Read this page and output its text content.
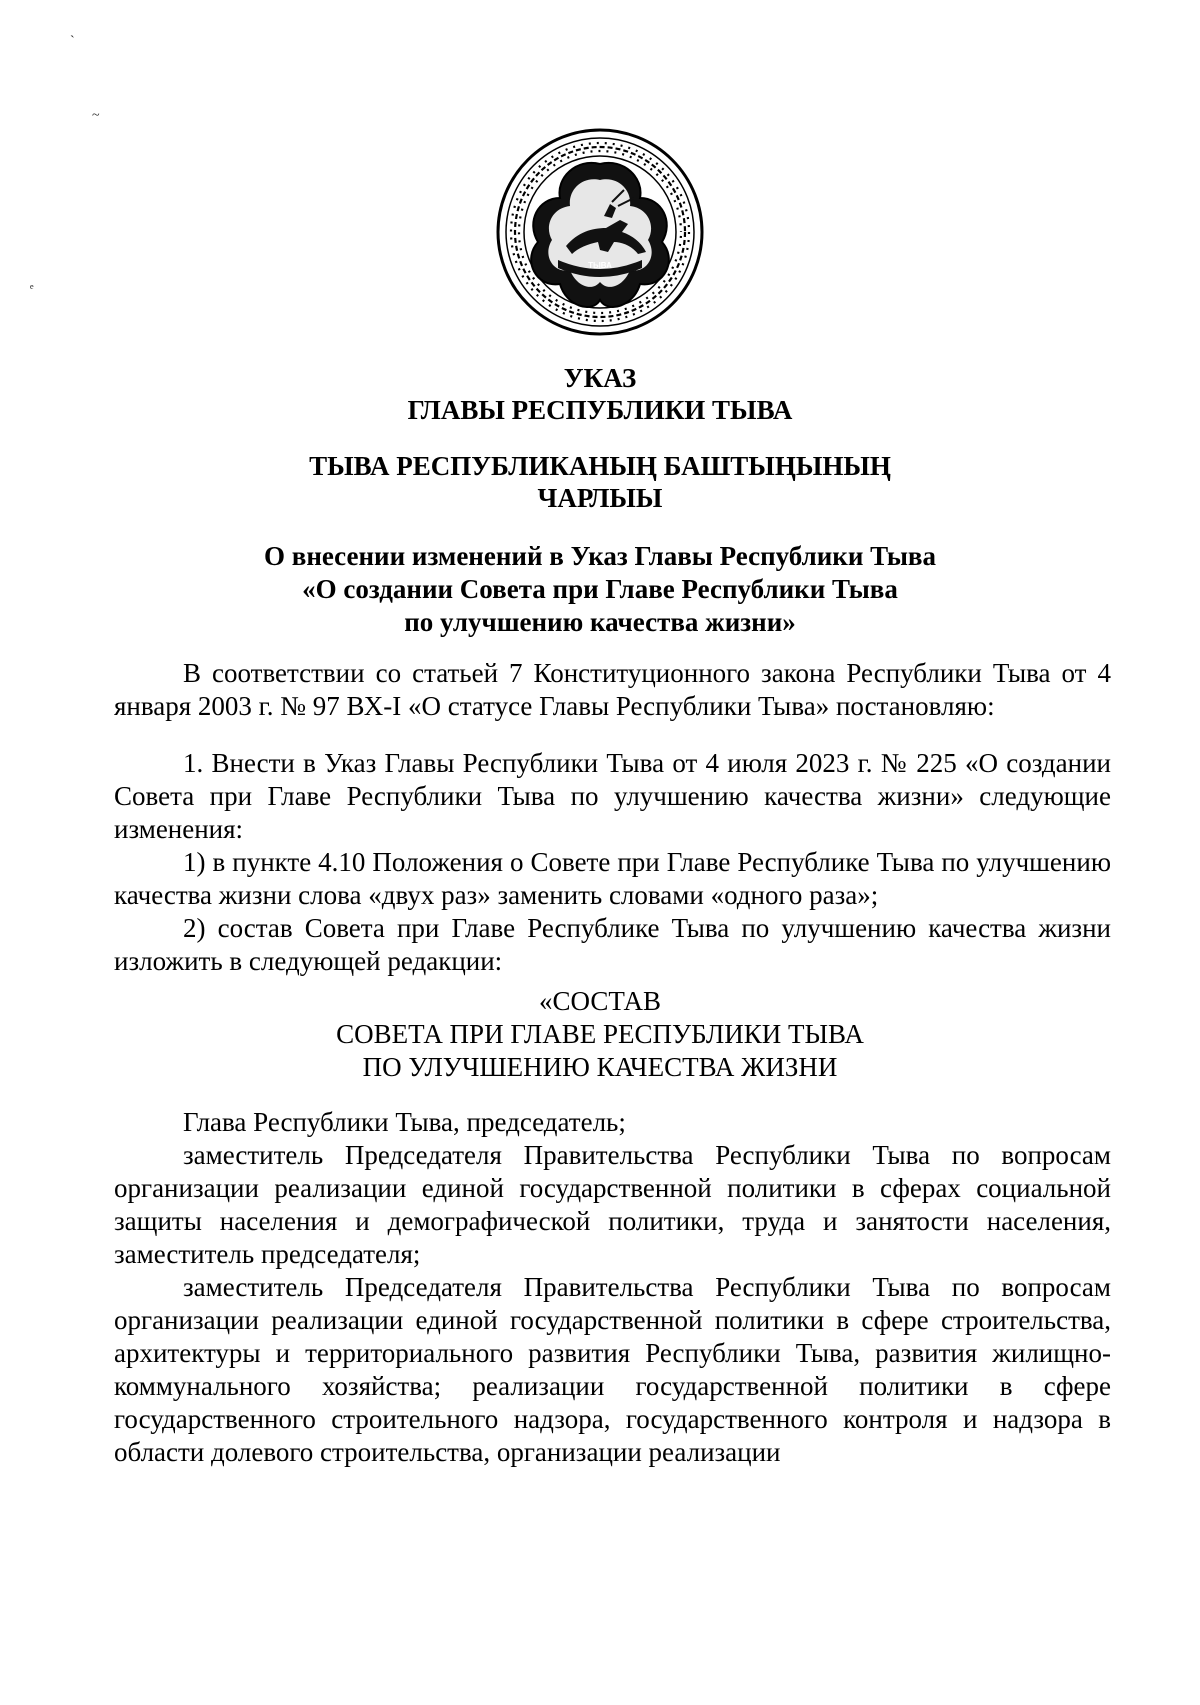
ˋ
~
ᵉ
ТЫВА
УКАЗ
ГЛАВЫ РЕСПУБЛИКИ ТЫВА
ТЫВА РЕСПУБЛИКАНЫҢ БАШТЫҢЫНЫҢ
ЧАРЛЫЫ
О внесении изменений в Указ Главы Республики Тыва
«О создании Совета при Главе Республики Тыва
по улучшению качества жизни»

В соответствии со статьей 7 Конституционного закона Республики Тыва от 4 января 2003 г. № 97 ВХ-I «О статусе Главы Республики Тыва» постановляю:

1. Внести в Указ Главы Республики Тыва от 4 июля 2023 г. № 225 «О создании Совета при Главе Республики Тыва по улучшению качества жизни» следующие изменения:

1) в пункте 4.10 Положения о Совете при Главе Республике Тыва по улучшению качества жизни слова «двух раз» заменить словами «одного раза»;

2) состав Совета при Главе Республике Тыва по улучшению качества жизни изложить в следующей редакции:

«СОСТАВ
СОВЕТА ПРИ ГЛАВЕ РЕСПУБЛИКИ ТЫВА
ПО УЛУЧШЕНИЮ КАЧЕСТВА ЖИЗНИ

Глава Республики Тыва, председатель;

заместитель Председателя Правительства Республики Тыва по вопросам организации реализации единой государственной политики в сферах социальной защиты населения и демографической политики, труда и занятости населения, заместитель председателя;

заместитель Председателя Правительства Республики Тыва по вопросам организации реализации единой государственной политики в сфере строительства, архитектуры и территориального развития Республики Тыва, развития жилищно-коммунального хозяйства; реализации государственной политики в сфере государственного строительного надзора, государственного контроля и надзора в области долевого строительства, организации реализации
